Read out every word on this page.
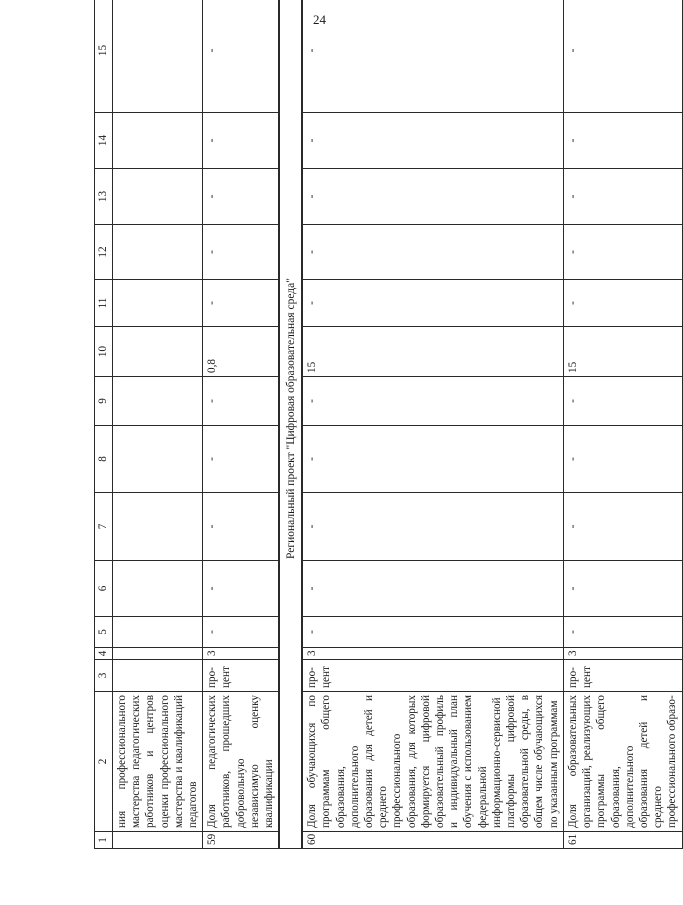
24
1	2	3	4	5	6	7	8	9	10	11	12	13	14	15
	ния профессионального мастерства педагогических работников и центров оценки профессионального мастерства и квалификаций педагогов													
59	Доля педагогических работников, прошедших добровольную независимую оценку квалификации	про-
цент	3	-	-	-	-	-	0,8	-	-	-	-	-
Региональный проект "Цифровая образовательная среда"														
60	Доля обучающихся по программам общего образования, дополнительного образования для детей и среднего профессионального образования, для которых формируется цифровой образовательный профиль и индивидуальный план обучения с использованием федеральной информационно-сервисной платформы цифровой образовательной среды, в общем числе обучающихся по указанным программам	про-
цент	3	-	-	-	-	-	15	-	-	-	-	-
61	Доля образовательных организаций, реализующих программы общего образования, дополнительного образования детей и среднего профессионального образо-	про-
цент	3	-	-	-	-	-	15	-	-	-	-	-
